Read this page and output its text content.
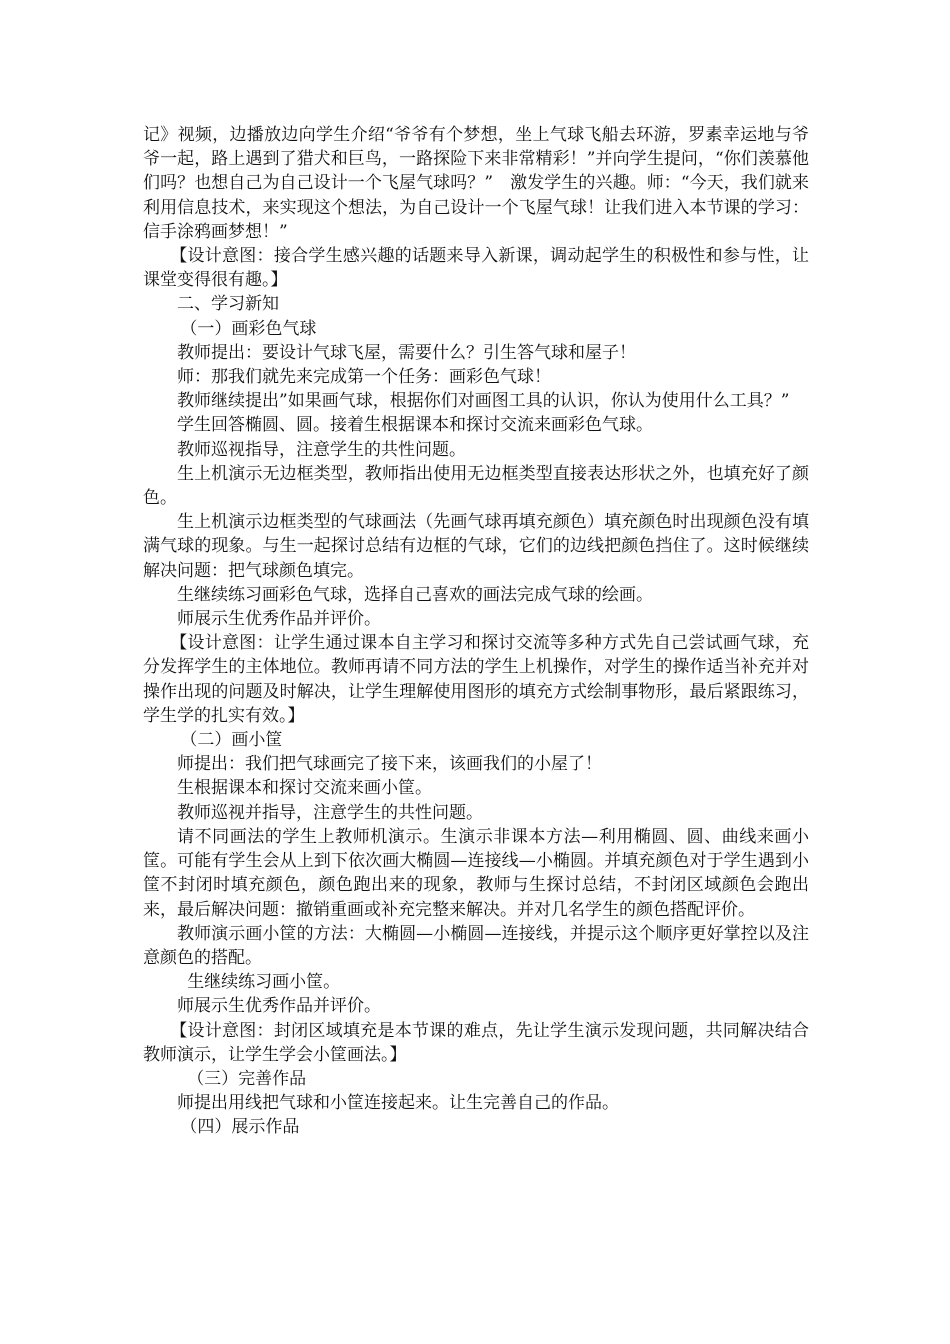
记》视频，边播放边向学生介绍“爷爷有个梦想，坐上气球飞船去环游，罗素幸运地与爷爷一起，路上遇到了猎犬和巨鸟，一路探险下来非常精彩！”并向学生提问，“你们羡慕他们吗？也想自己为自己设计一个飞屋气球吗？”　激发学生的兴趣。师：“今天，我们就来利用信息技术，来实现这个想法，为自己设计一个飞屋气球！让我们进入本节课的学习：信手涂鸦画梦想！”

【设计意图：接合学生感兴趣的话题来导入新课，调动起学生的积极性和参与性，让课堂变得很有趣。】

二、学习新知

（一）画彩色气球

教师提出：要设计气球飞屋，需要什么？引生答气球和屋子！

师：那我们就先来完成第一个任务：画彩色气球！

教师继续提出”如果画气球，根据你们对画图工具的认识，你认为使用什么工具？”

学生回答椭圆、圆。接着生根据课本和探讨交流来画彩色气球。

教师巡视指导，注意学生的共性问题。

生上机演示无边框类型，教师指出使用无边框类型直接表达形状之外，也填充好了颜色。

生上机演示边框类型的气球画法（先画气球再填充颜色）填充颜色时出现颜色没有填满气球的现象。与生一起探讨总结有边框的气球，它们的边线把颜色挡住了。这时候继续解决问题：把气球颜色填完。

生继续练习画彩色气球，选择自己喜欢的画法完成气球的绘画。

师展示生优秀作品并评价。

【设计意图：让学生通过课本自主学习和探讨交流等多种方式先自己尝试画气球，充分发挥学生的主体地位。教师再请不同方法的学生上机操作，对学生的操作适当补充并对操作出现的问题及时解决，让学生理解使用图形的填充方式绘制事物形，最后紧跟练习，学生学的扎实有效。】

（二）画小筐

师提出：我们把气球画完了接下来，该画我们的小屋了！

生根据课本和探讨交流来画小筐。

教师巡视并指导，注意学生的共性问题。

请不同画法的学生上教师机演示。生演示非课本方法—利用椭圆、圆、曲线来画小筐。可能有学生会从上到下依次画大椭圆—连接线—小椭圆。并填充颜色对于学生遇到小筐不封闭时填充颜色，颜色跑出来的现象，教师与生探讨总结，不封闭区域颜色会跑出来，最后解决问题：撤销重画或补充完整来解决。并对几名学生的颜色搭配评价。

教师演示画小筐的方法：大椭圆—小椭圆—连接线，并提示这个顺序更好掌控以及注意颜色的搭配。

生继续练习画小筐。

师展示生优秀作品并评价。

【设计意图：封闭区域填充是本节课的难点，先让学生演示发现问题，共同解决结合教师演示，让学生学会小筐画法。】

（三）完善作品

师提出用线把气球和小筐连接起来。让生完善自己的作品。

（四）展示作品
